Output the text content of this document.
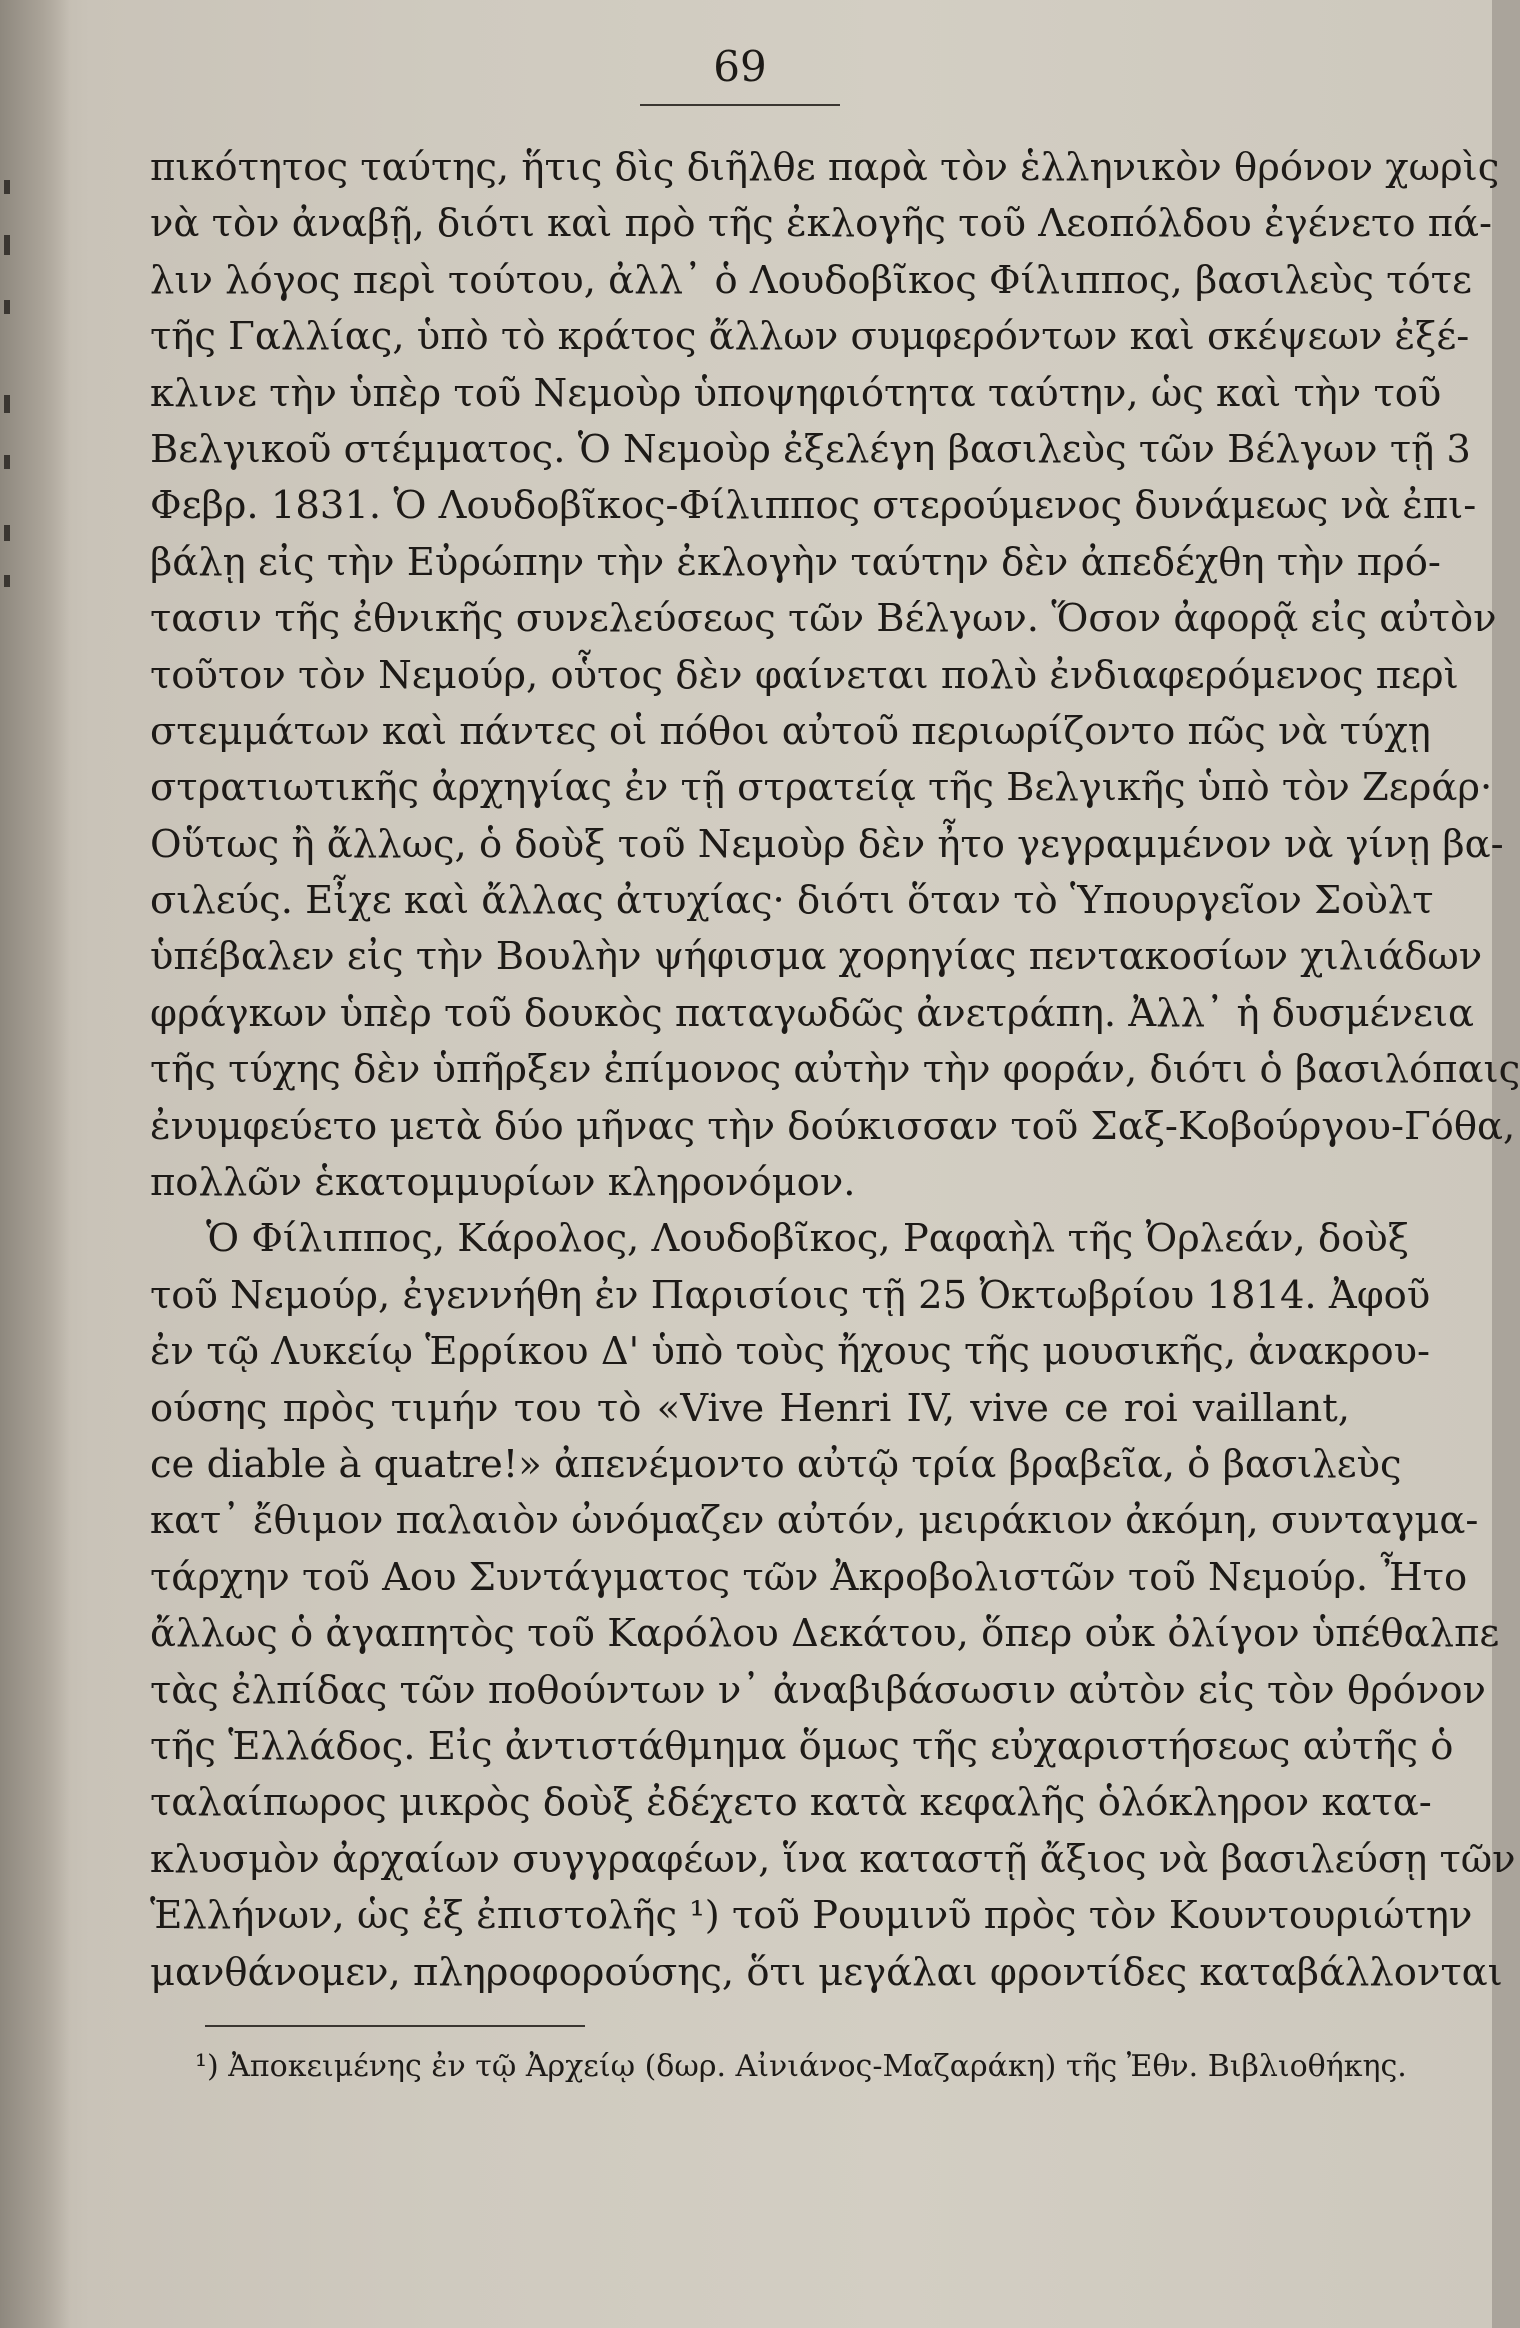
69
πικότητος ταύτης, ἥτις δὶς διῆλθε παρὰ τὸν ἑλληνικὸν θρόνον χωρὶς
νὰ τὸν ἀναβῇ, διότι καὶ πρὸ τῆς ἐκλογῆς τοῦ Λεοπόλδου ἐγένετο πά-
λιν λόγος περὶ τούτου, ἀλλ᾽ ὁ Λουδοβῖκος Φίλιππος, βασιλεὺς τότε
τῆς Γαλλίας, ὑπὸ τὸ κράτος ἄλλων συμφερόντων καὶ σκέψεων ἐξέ-
κλινε τὴν ὑπὲρ τοῦ Νεμοὺρ ὑποψηφιότητα ταύτην, ὡς καὶ τὴν τοῦ
Βελγικοῦ στέμματος. Ὁ Νεμοὺρ ἐξελέγη βασιλεὺς τῶν Βέλγων τῇ 3
Φεβρ. 1831. Ὁ Λουδοβῖκος-Φίλιππος στερούμενος δυνάμεως νὰ ἐπι-
βάλῃ εἰς τὴν Εὐρώπην τὴν ἐκλογὴν ταύτην δὲν ἀπεδέχθη τὴν πρό-
τασιν τῆς ἐθνικῆς συνελεύσεως τῶν Βέλγων. Ὅσον ἀφορᾷ εἰς αὐτὸν
τοῦτον τὸν Νεμούρ, οὗτος δὲν φαίνεται πολὺ ἐνδιαφερόμενος περὶ
στεμμάτων καὶ πάντες οἱ πόθοι αὐτοῦ περιωρίζοντο πῶς νὰ τύχῃ
στρατιωτικῆς ἀρχηγίας ἐν τῇ στρατείᾳ τῆς Βελγικῆς ὑπὸ τὸν Ζεράρ·
Οὕτως ἢ ἄλλως, ὁ δοὺξ τοῦ Νεμοὺρ δὲν ἦτο γεγραμμένον νὰ γίνῃ βα-
σιλεύς. Εἶχε καὶ ἄλλας ἀτυχίας· διότι ὅταν τὸ Ὑπουργεῖον Σοὺλτ
ὑπέβαλεν εἰς τὴν Βουλὴν ψήφισμα χορηγίας πεντακοσίων χιλιάδων
φράγκων ὑπὲρ τοῦ δουκὸς παταγωδῶς ἀνετράπη. Ἀλλ᾽ ἡ δυσμένεια
τῆς τύχης δὲν ὑπῆρξεν ἐπίμονος αὐτὴν τὴν φοράν, διότι ὁ βασιλόπαις
ἐνυμφεύετο μετὰ δύο μῆνας τὴν δούκισσαν τοῦ Σαξ-Κοβούργου-Γόθα,
πολλῶν ἑκατομμυρίων κληρονόμον.
Ὁ Φίλιππος, Κάρολος, Λουδοβῖκος, Ραφαὴλ τῆς Ὀρλεάν, δοὺξ
τοῦ Νεμούρ, ἐγεννήθη ἐν Παρισίοις τῇ 25 Ὀκτωβρίου 1814. Ἀφοῦ
ἐν τῷ Λυκείῳ Ἑρρίκου Δ' ὑπὸ τοὺς ἤχους τῆς μουσικῆς, ἀνακρου-
ούσης πρὸς τιμήν του τὸ «Vive Henri IV, vive ce roi vaillant,
ce diable à quatre!» ἀπενέμοντο αὐτῷ τρία βραβεῖα, ὁ βασιλεὺς
κατ᾽ ἔθιμον παλαιὸν ὠνόμαζεν αὐτόν, μειράκιον ἀκόμη, συνταγμα-
τάρχην τοῦ Αου Συντάγματος τῶν Ἀκροβολιστῶν τοῦ Νεμούρ. Ἦτο
ἄλλως ὁ ἀγαπητὸς τοῦ Καρόλου Δεκάτου, ὅπερ οὐκ ὀλίγον ὑπέθαλπε
τὰς ἐλπίδας τῶν ποθούντων ν᾽ ἀναβιβάσωσιν αὐτὸν εἰς τὸν θρόνον
τῆς Ἑλλάδος. Εἰς ἀντιστάθμημα ὅμως τῆς εὐχαριστήσεως αὐτῆς ὁ
ταλαίπωρος μικρὸς δοὺξ ἐδέχετο κατὰ κεφαλῆς ὁλόκληρον κατα-
κλυσμὸν ἀρχαίων συγγραφέων, ἵνα καταστῇ ἄξιος νὰ βασιλεύσῃ τῶν
Ἑλλήνων, ὡς ἐξ ἐπιστολῆς ¹) τοῦ Ρουμινῦ πρὸς τὸν Κουντουριώτην
μανθάνομεν, πληροφορούσης, ὅτι μεγάλαι φροντίδες καταβάλλονται
¹) Ἀποκειμένης ἐν τῷ Ἀρχείῳ (δωρ. Αἰνιάνος-Μαζαράκη) τῆς Ἐθν. Βιβλιοθήκης.
